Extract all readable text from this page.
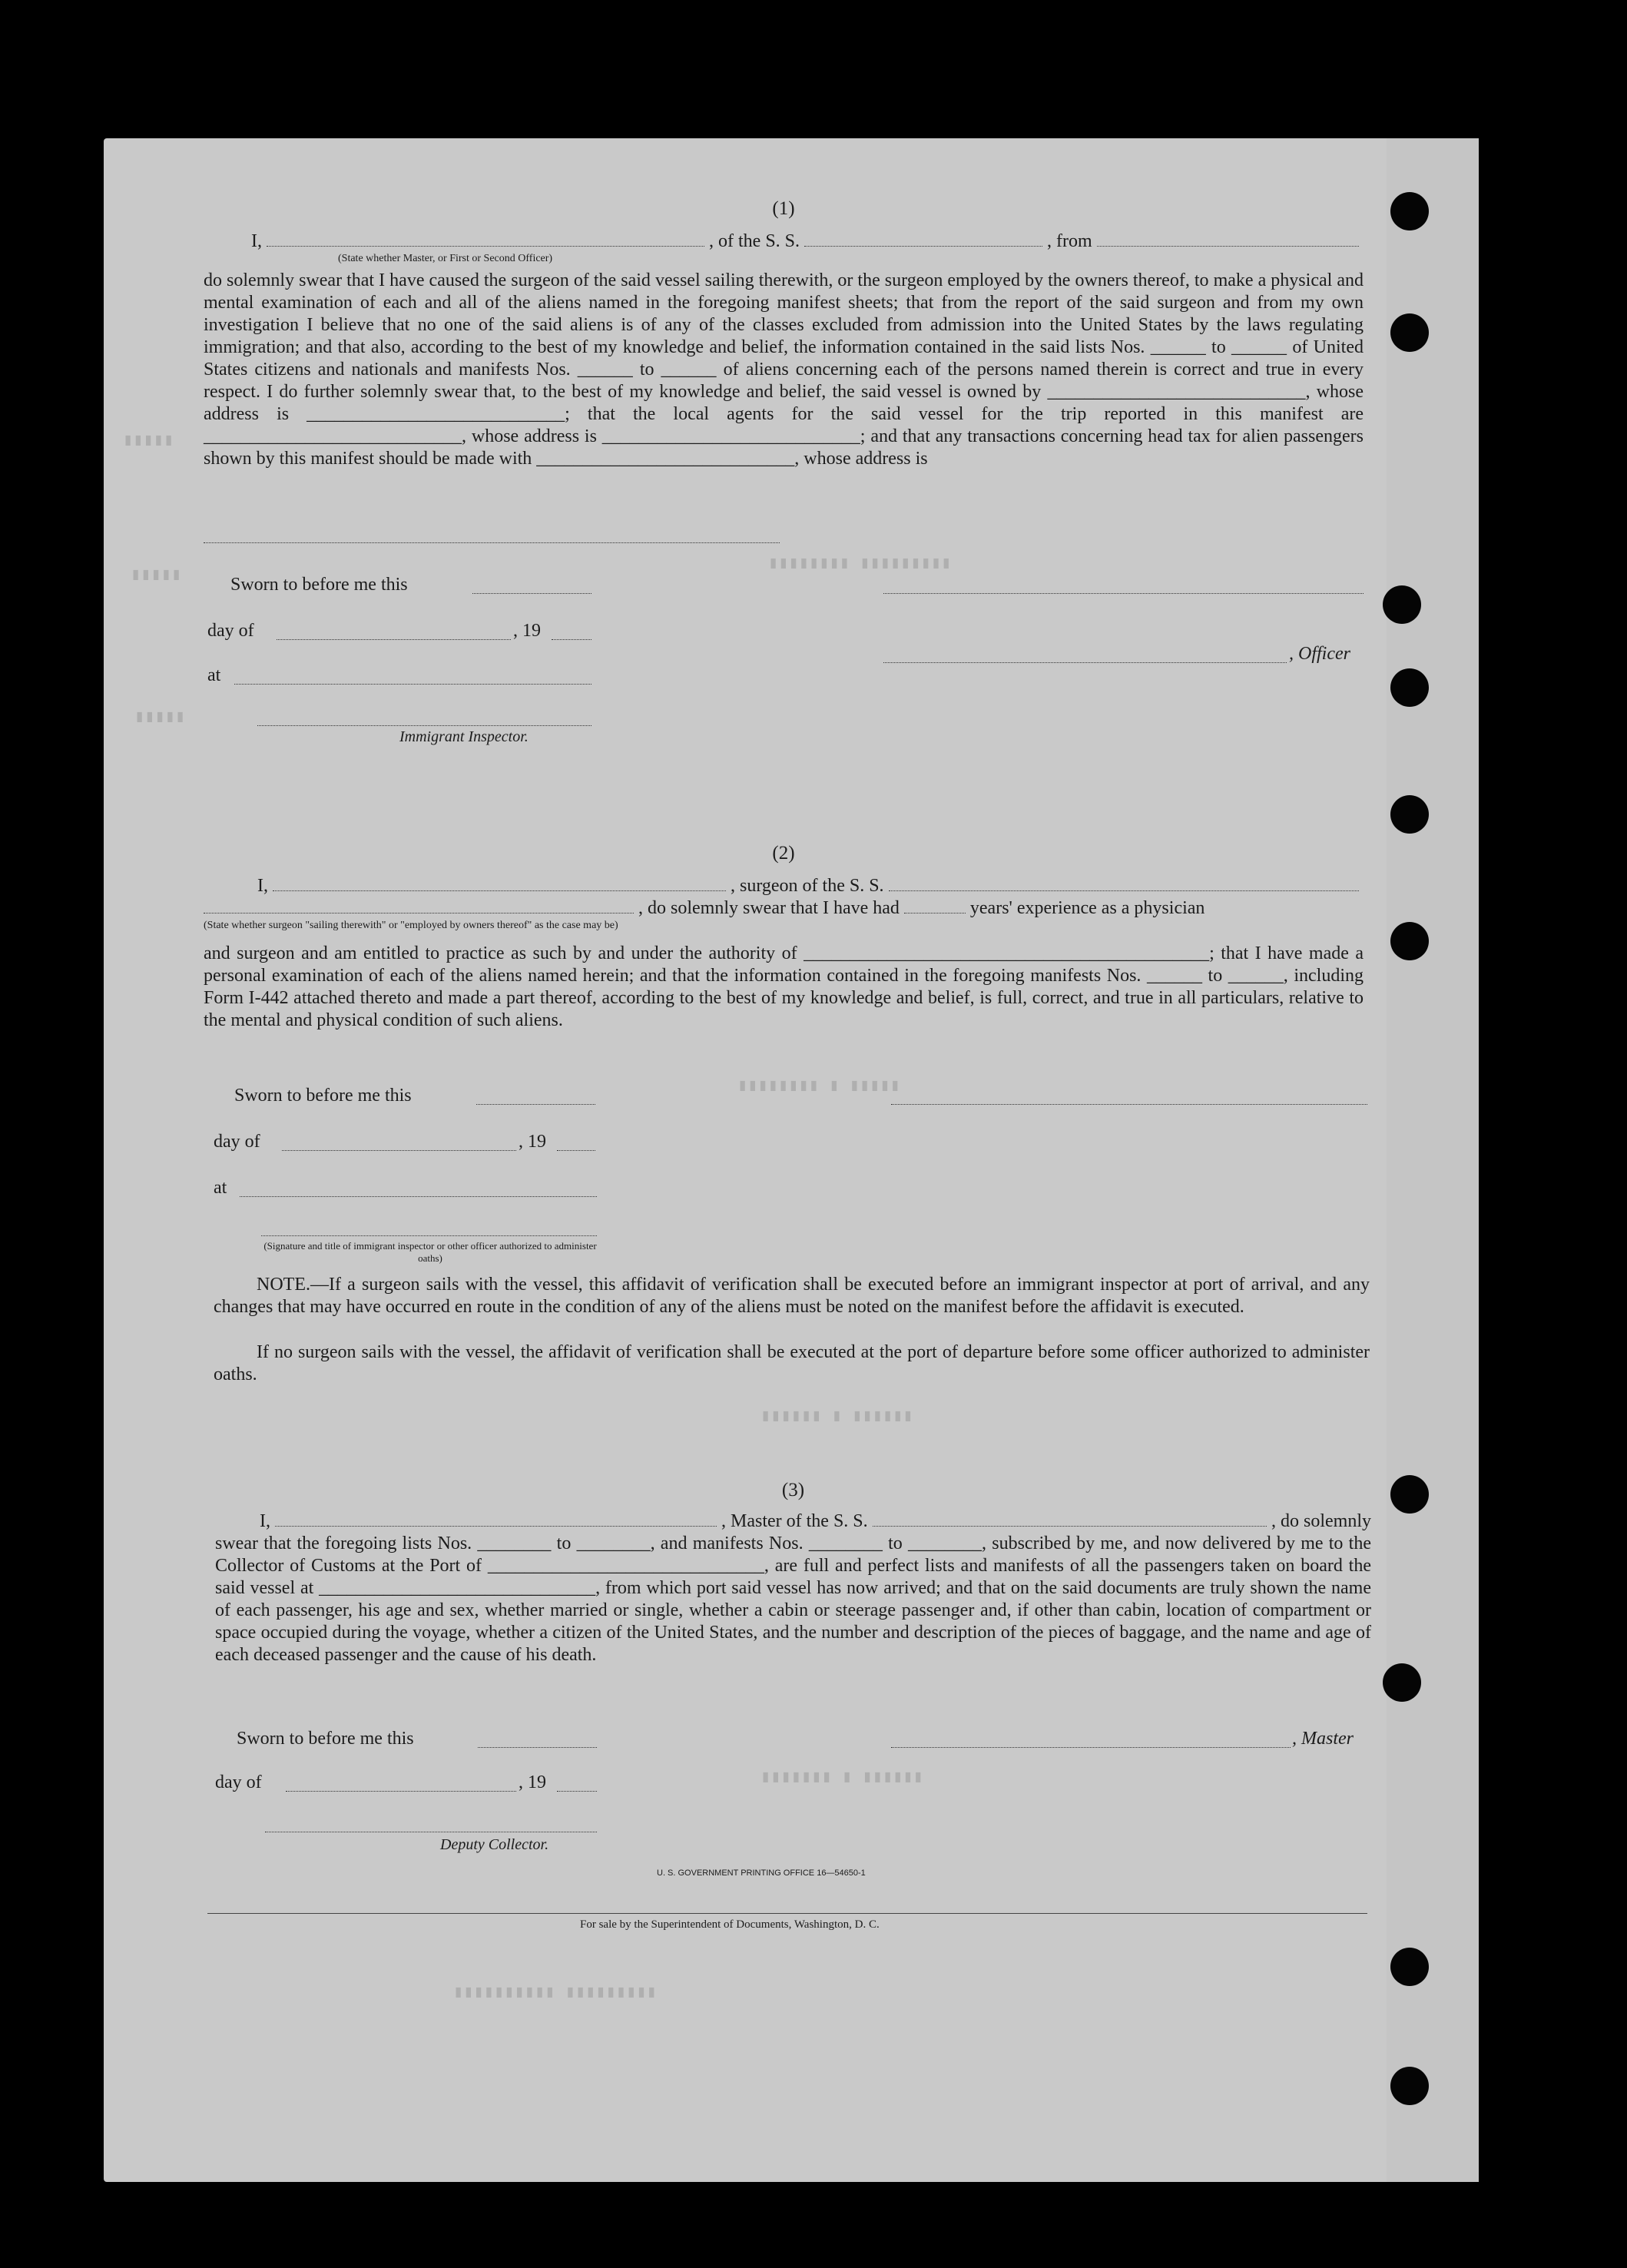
▮▮▮▮▮
▮▮▮▮▮
▮▮▮▮▮
▮▮▮▮▮▮▮▮ ▮▮▮▮▮▮▮▮▮
▮▮▮▮▮▮▮▮ ▮ ▮▮▮▮▮
▮▮▮▮▮▮ ▮ ▮▮▮▮▮▮
▮▮▮▮▮▮▮ ▮ ▮▮▮▮▮▮
▮▮▮▮▮▮▮▮▮▮ ▮▮▮▮▮▮▮▮▮
(1)
I,	, of the S. S.	, from
(State whether Master, or First or Second Officer)

do solemnly swear that I have caused the surgeon of the said vessel sailing therewith, or the surgeon employed by the owners thereof, to make a physical and mental examination of each and all of the aliens named in the foregoing manifest sheets; that from the report of the said surgeon and from my own investigation I believe that no one of the said aliens is of any of the classes excluded from admission into the United States by the laws regulating immigration; and that also, according to the best of my knowledge and belief, the information contained in the said lists Nos. ______ to ______ of United States citizens and nationals and manifests Nos. ______ to ______ of aliens concerning each of the persons named therein is correct and true in every respect. I do further solemnly swear that, to the best of my knowledge and belief, the said vessel is owned by ____________________________, whose address is ____________________________; that the local agents for the said vessel for the trip reported in this manifest are ____________________________, whose address is ____________________________; and that any transactions concerning head tax for alien passengers shown by this manifest should be made with ____________________________, whose address is

Sworn to before me this
day of	, 19
, Officer
at
Immigrant Inspector.
(2)
I,	, surgeon of the S. S.
, do solemnly swear that I have had	years' experience as a physician
(State whether surgeon "sailing therewith" or "employed by owners thereof" as the case may be)

and surgeon and am entitled to practice as such by and under the authority of ____________________________________________; that I have made a personal examination of each of the aliens named herein; and that the information contained in the foregoing manifests Nos. ______ to ______, including Form I-442 attached thereto and made a part thereof, according to the best of my knowledge and belief, is full, correct, and true in all particulars, relative to the mental and physical condition of such aliens.

Sworn to before me this
day of	, 19
at
(Signature and title of immigrant inspector or other officer authorized to administer oaths)

NOTE.—If a surgeon sails with the vessel, this affidavit of verification shall be executed before an immigrant inspector at port of arrival, and any changes that may have occurred en route in the condition of any of the aliens must be noted on the manifest before the affidavit is executed.

If no surgeon sails with the vessel, the affidavit of verification shall be executed at the port of departure before some officer authorized to administer oaths.

(3)
I,	, Master of the S. S.	, do solemnly

swear that the foregoing lists Nos. ________ to ________, and manifests Nos. ________ to ________, subscribed by me, and now delivered by me to the Collector of Customs at the Port of ______________________________, are full and perfect lists and manifests of all the passengers taken on board the said vessel at ______________________________, from which port said vessel has now arrived; and that on the said documents are truly shown the name of each passenger, his age and sex, whether married or single, whether a cabin or steerage passenger and, if other than cabin, location of compartment or space occupied during the voyage, whether a citizen of the United States, and the number and description of the pieces of baggage, and the name and age of each deceased passenger and the cause of his death.

Sworn to before me this	, Master
day of	, 19
Deputy Collector.
U. S. GOVERNMENT PRINTING OFFICE 16—54650-1
For sale by the Superintendent of Documents, Washington, D. C.
